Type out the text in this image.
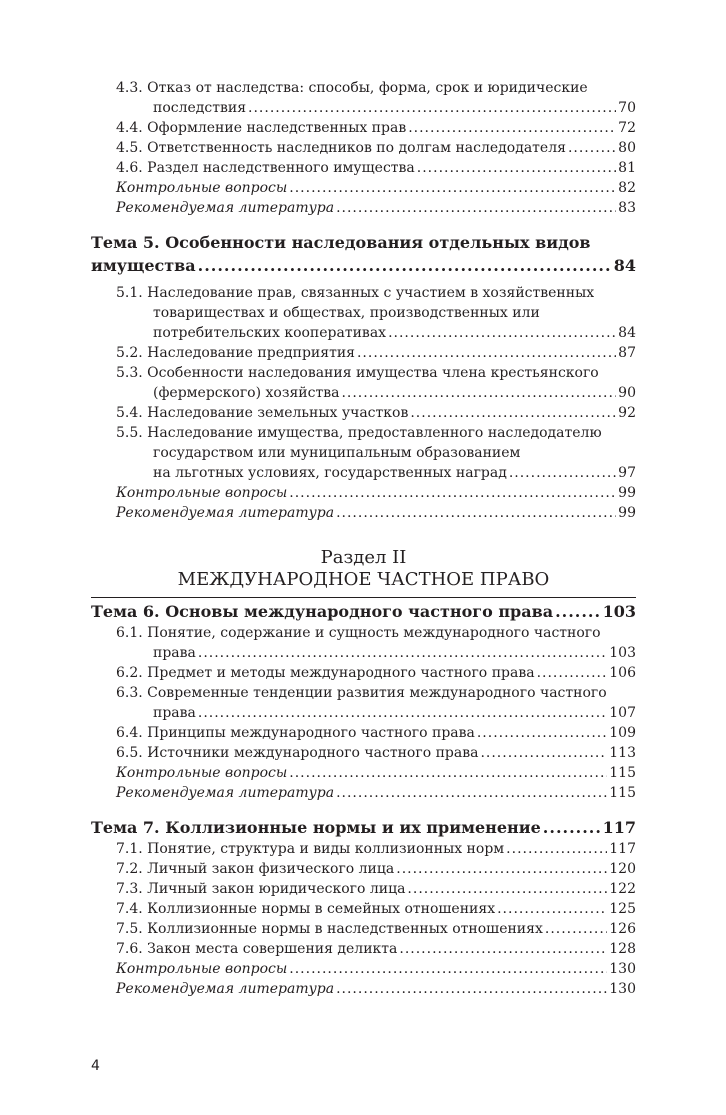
4.3. Отказ от наследства: способы, форма, срок и юридические
последствия .....	70
4.4. Оформление наследственных прав .....	72
4.5. Ответственность наследников по долгам наследодателя .....	80
4.6. Раздел наследственного имущества .....	81
Контрольные вопросы .....	82
Рекомендуемая литература .....	83
Тема 5. Особенности наследования отдельных видов
имущества .....	84
5.1. Наследование прав, связанных с участием в хозяйственных
товариществах и обществах, производственных или
потребительских кооперативах .....	84
5.2. Наследование предприятия .....	87
5.3. Особенности наследования имущества члена крестьянского
(фермерского) хозяйства .....	90
5.4. Наследование земельных участков .....	92
5.5. Наследование имущества, предоставленного наследодателю
государством или муниципальным образованием
на льготных условиях, государственных наград .....	97
Контрольные вопросы .....	99
Рекомендуемая литература .....	99
Раздел II
МЕЖДУНАРОДНОЕ ЧАСТНОЕ ПРАВО
Тема 6. Основы международного частного права .....	103
6.1. Понятие, содержание и сущность международного частного
права .....	103
6.2. Предмет и методы международного частного права .....	106
6.3. Современные тенденции развития международного частного
права .....	107
6.4. Принципы международного частного права .....	109
6.5. Источники международного частного права .....	113
Контрольные вопросы .....	115
Рекомендуемая литература .....	115
Тема 7. Коллизионные нормы и их применение .....	117
7.1. Понятие, структура и виды коллизионных норм .....	117
7.2. Личный закон физического лица .....	120
7.3. Личный закон юридического лица .....	122
7.4. Коллизионные нормы в семейных отношениях .....	125
7.5. Коллизионные нормы в наследственных отношениях .....	126
7.6. Закон места совершения деликта .....	128
Контрольные вопросы .....	130
Рекомендуемая литература .....	130
4
